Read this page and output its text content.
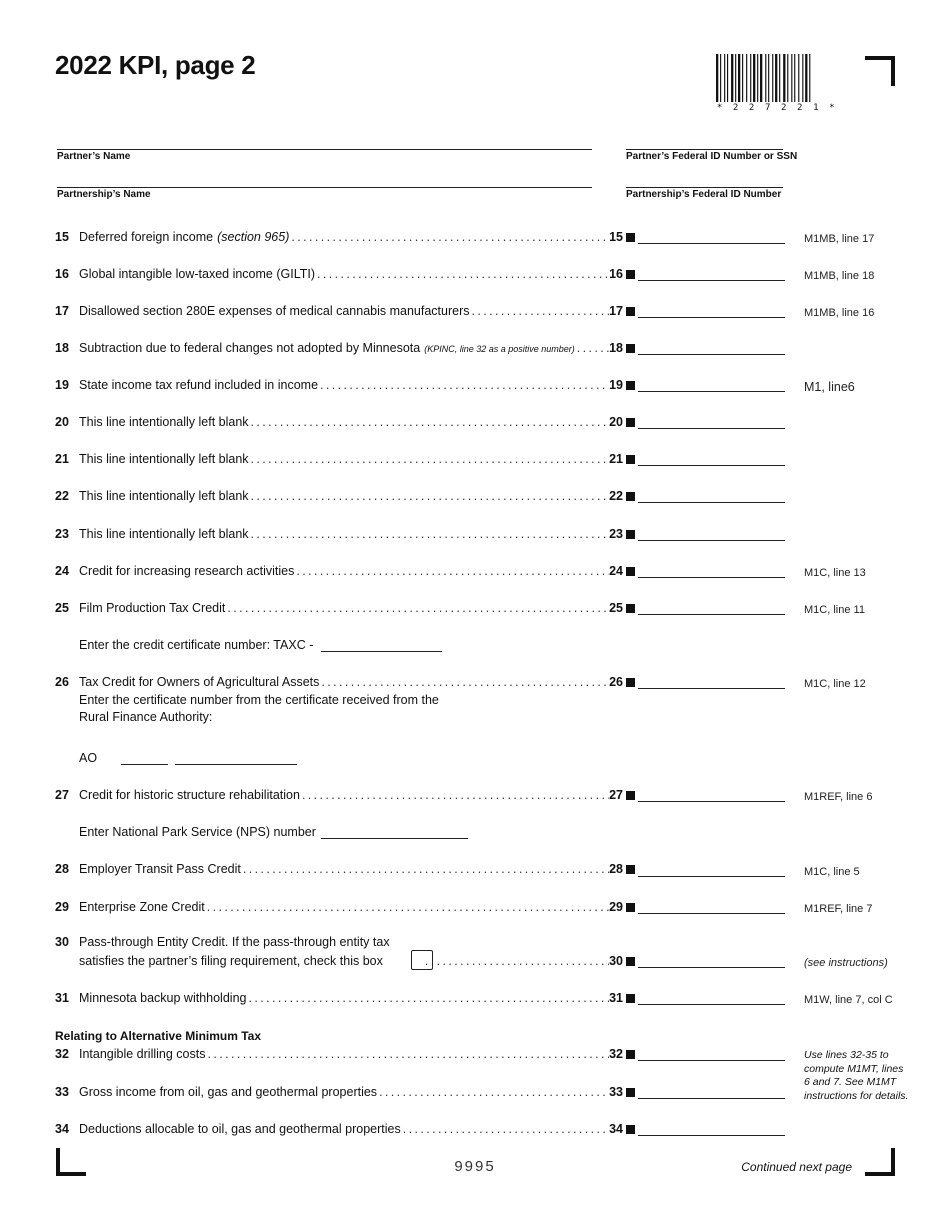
2022 KPI, page 2
* 2 2 7 2 2 1 *
Partner’s Name	Partner’s Federal ID Number or SSN
Partnership’s Name	Partnership’s Federal ID Number
15 Deferred foreign income (section 965) .....	15	M1MB, line 17
16 Global intangible low-taxed income (GILTI) .....	16	M1MB, line 18
17 Disallowed section 280E expenses of medical cannabis manufacturers .....	17	M1MB, line 16
18 Subtraction due to federal changes not adopted by Minnesota (KPINC, line 32 as a positive number) .....	18
19 State income tax refund included in income .....	19	M1, line6
20 This line intentionally left blank .....	20
21 This line intentionally left blank .....	21
22 This line intentionally left blank .....	22
23 This line intentionally left blank .....	23
24 Credit for increasing research activities .....	24	M1C, line 13
25 Film Production Tax Credit .....	25	M1C, line 11
Enter the credit certificate number: TAXC -
26 Tax Credit for Owners of Agricultural Assets .....	26	M1C, line 12
Enter the certificate number from the certificate received from the
Rural Finance Authority:
AO
27 Credit for historic structure rehabilitation .....	27	M1REF, line 6
Enter National Park Service (NPS) number
28 Employer Transit Pass Credit .....	28	M1C, line 5
29 Enterprise Zone Credit .....	29	M1REF, line 7
30 Pass-through Entity Credit. If the pass-through entity tax
satisfies the partner’s filing requirement, check this box .....	30	(see instructions)
31 Minnesota backup withholding .....	31	M1W, line 7, col C
Relating to Alternative Minimum Tax
32 Intangible drilling costs .....	32
33 Gross income from oil, gas and geothermal properties .....	33
34 Deductions allocable to oil, gas and geothermal properties .....	34
Use lines 32-35 to compute M1MT, lines 6 and 7. See M1MT instructions for details.
9995	Continued next page
